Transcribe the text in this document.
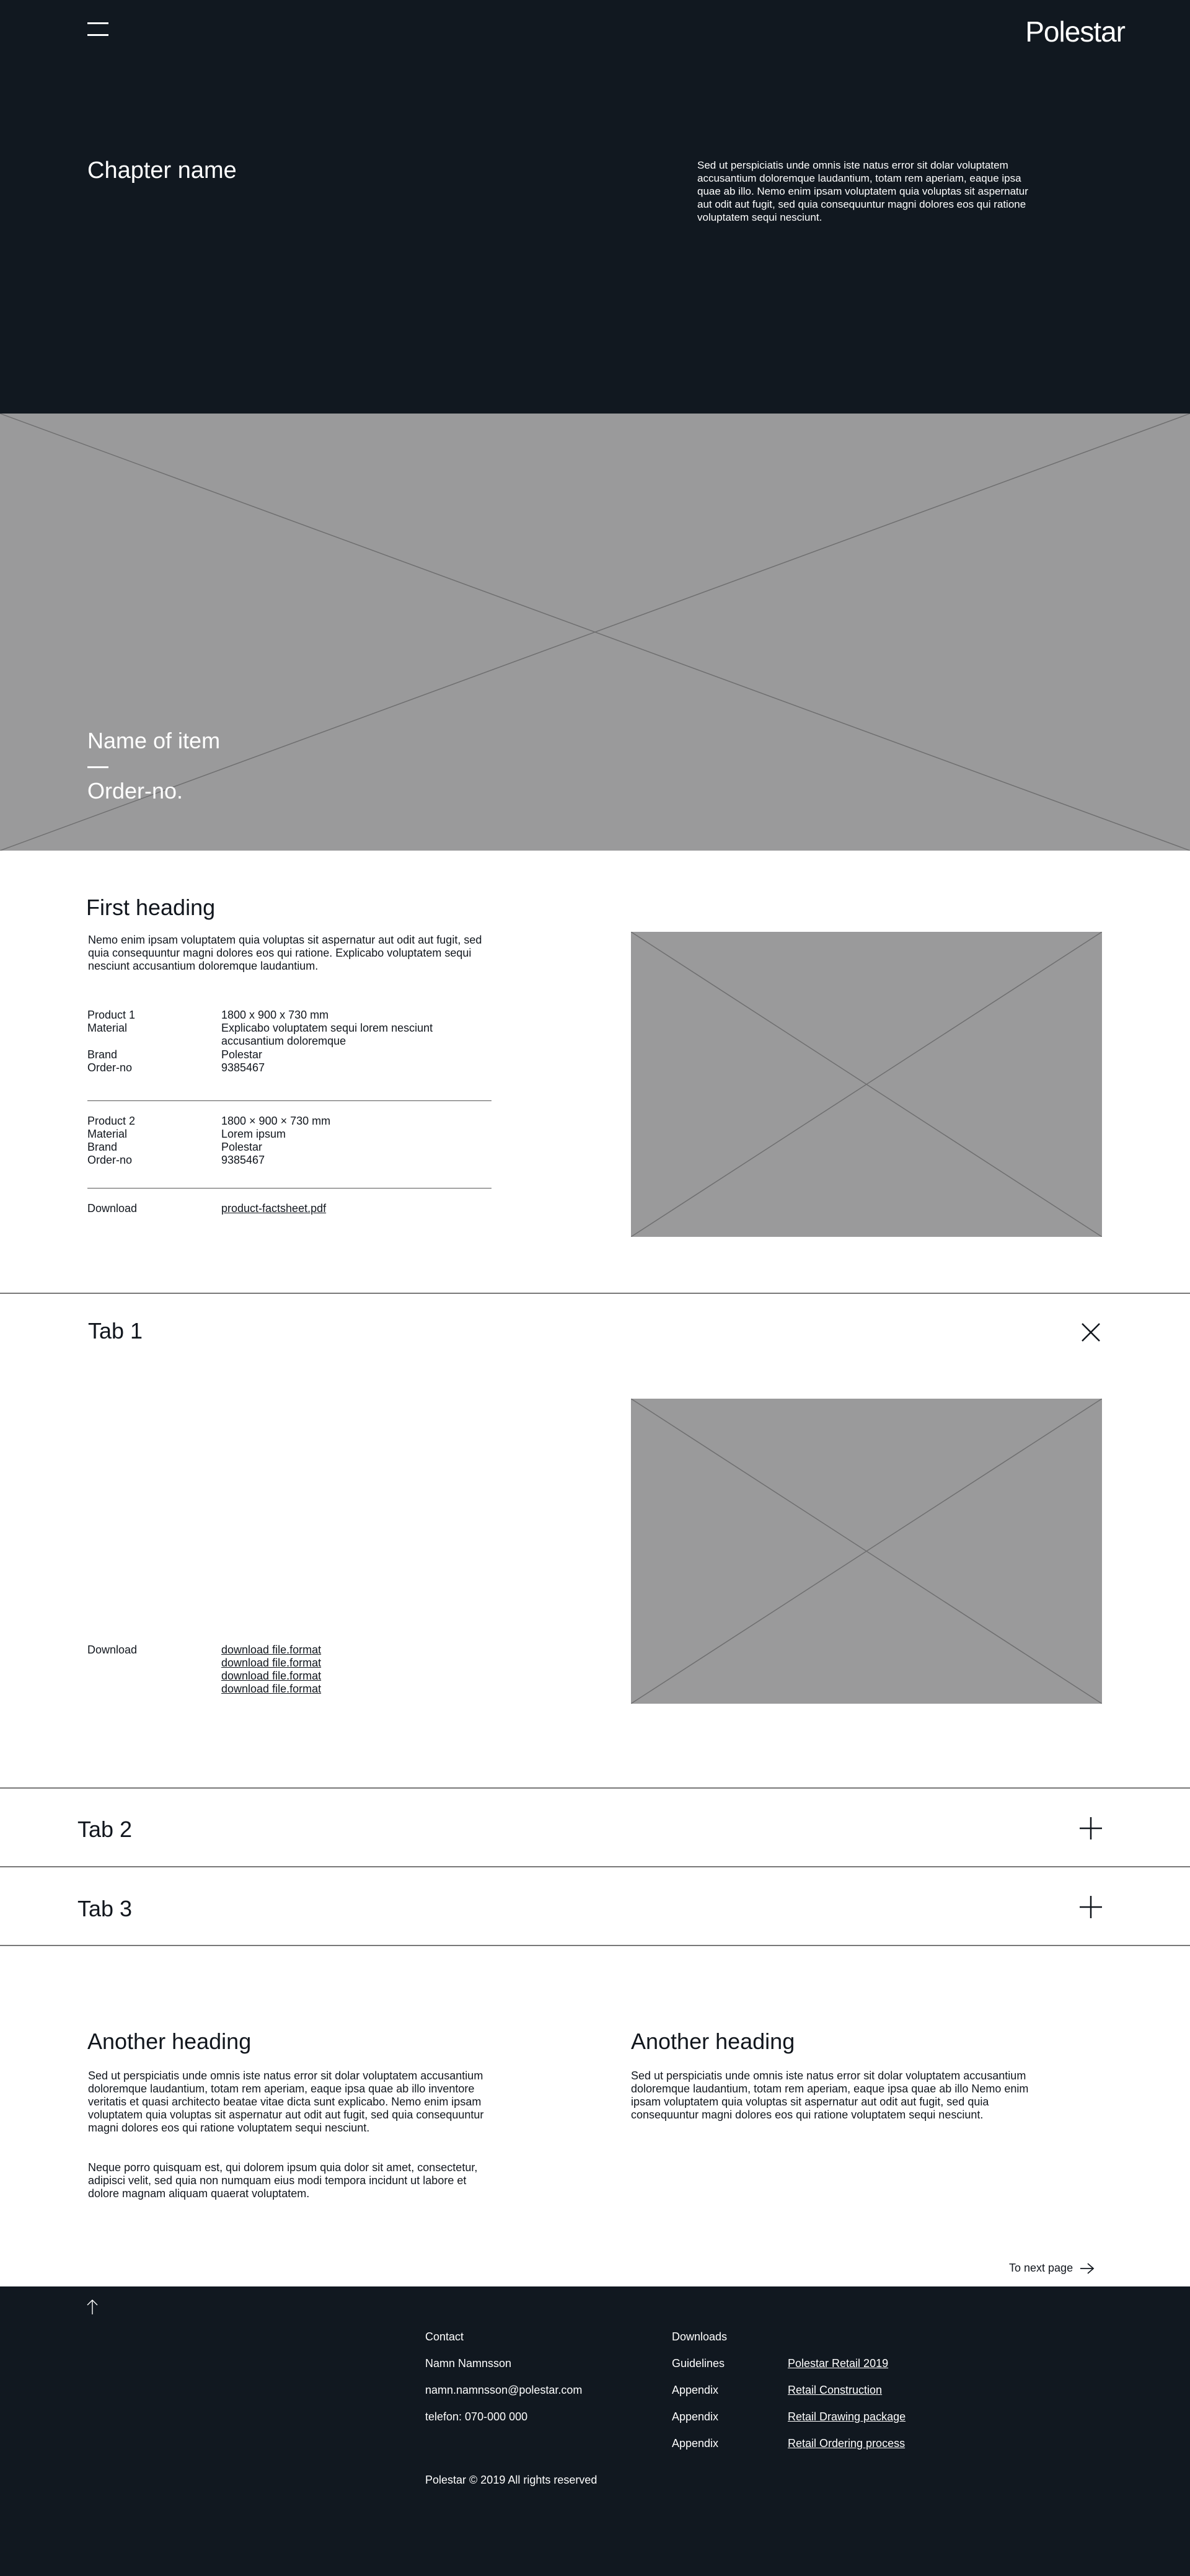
Polestar
Chapter name	Sed ut perspiciatis unde omnis iste natus error sit dolar voluptatem accusantium doloremque laudantium, totam rem aperiam, eaque ipsa quae ab illo. Nemo enim ipsam voluptatem quia voluptas sit aspernatur aut odit aut fugit, sed quia consequuntur magni dolores eos qui ratione voluptatem sequi nesciunt.

Name of item
Order-no.
First heading

Nemo enim ipsam voluptatem quia voluptas sit aspernatur aut odit aut fugit, sed quia consequuntur magni dolores eos qui ratione. Explicabo voluptatem sequi nesciunt accusantium doloremque laudantium.

Product 1	1800 x 900 x 730 mm
Material	Explicabo voluptatem sequi lorem nesciunt accusantium doloremque
Brand	Polestar
Order-no	9385467
Product 2	1800 × 900 × 730 mm
Material	Lorem ipsum
Brand	Polestar
Order-no	9385467
Download	product-factsheet.pdf
Tab 1
Download	download file.format
download file.format
download file.format
download file.format
Tab 2
Tab 3
Another heading

Sed ut perspiciatis unde omnis iste natus error sit dolar voluptatem accusantium doloremque laudantium, totam rem aperiam, eaque ipsa quae ab illo inventore veritatis et quasi architecto beatae vitae dicta sunt explicabo. Nemo enim ipsam voluptatem quia voluptas sit aspernatur aut odit aut fugit, sed quia consequuntur magni dolores eos qui ratione voluptatem sequi nesciunt.

Neque porro quisquam est, qui dolorem ipsum quia dolor sit amet, consectetur, adipisci velit, sed quia non numquam eius modi tempora incidunt ut labore et dolore magnam aliquam quaerat voluptatem.

Another heading

Sed ut perspiciatis unde omnis iste natus error sit dolar voluptatem accusantium doloremque laudantium, totam rem aperiam, eaque ipsa quae ab illo Nemo enim ipsam voluptatem quia voluptas sit aspernatur aut odit aut fugit, sed quia consequuntur magni dolores eos qui ratione voluptatem sequi nesciunt.

To next page
Contact
Namn Namnsson
namn.namnsson@polestar.com
telefon: 070-000 000
Downloads
Guidelines	Polestar Retail 2019
Appendix	Retail Construction
Appendix	Retail Drawing package
Appendix	Retail Ordering process
Polestar © 2019 All rights reserved
